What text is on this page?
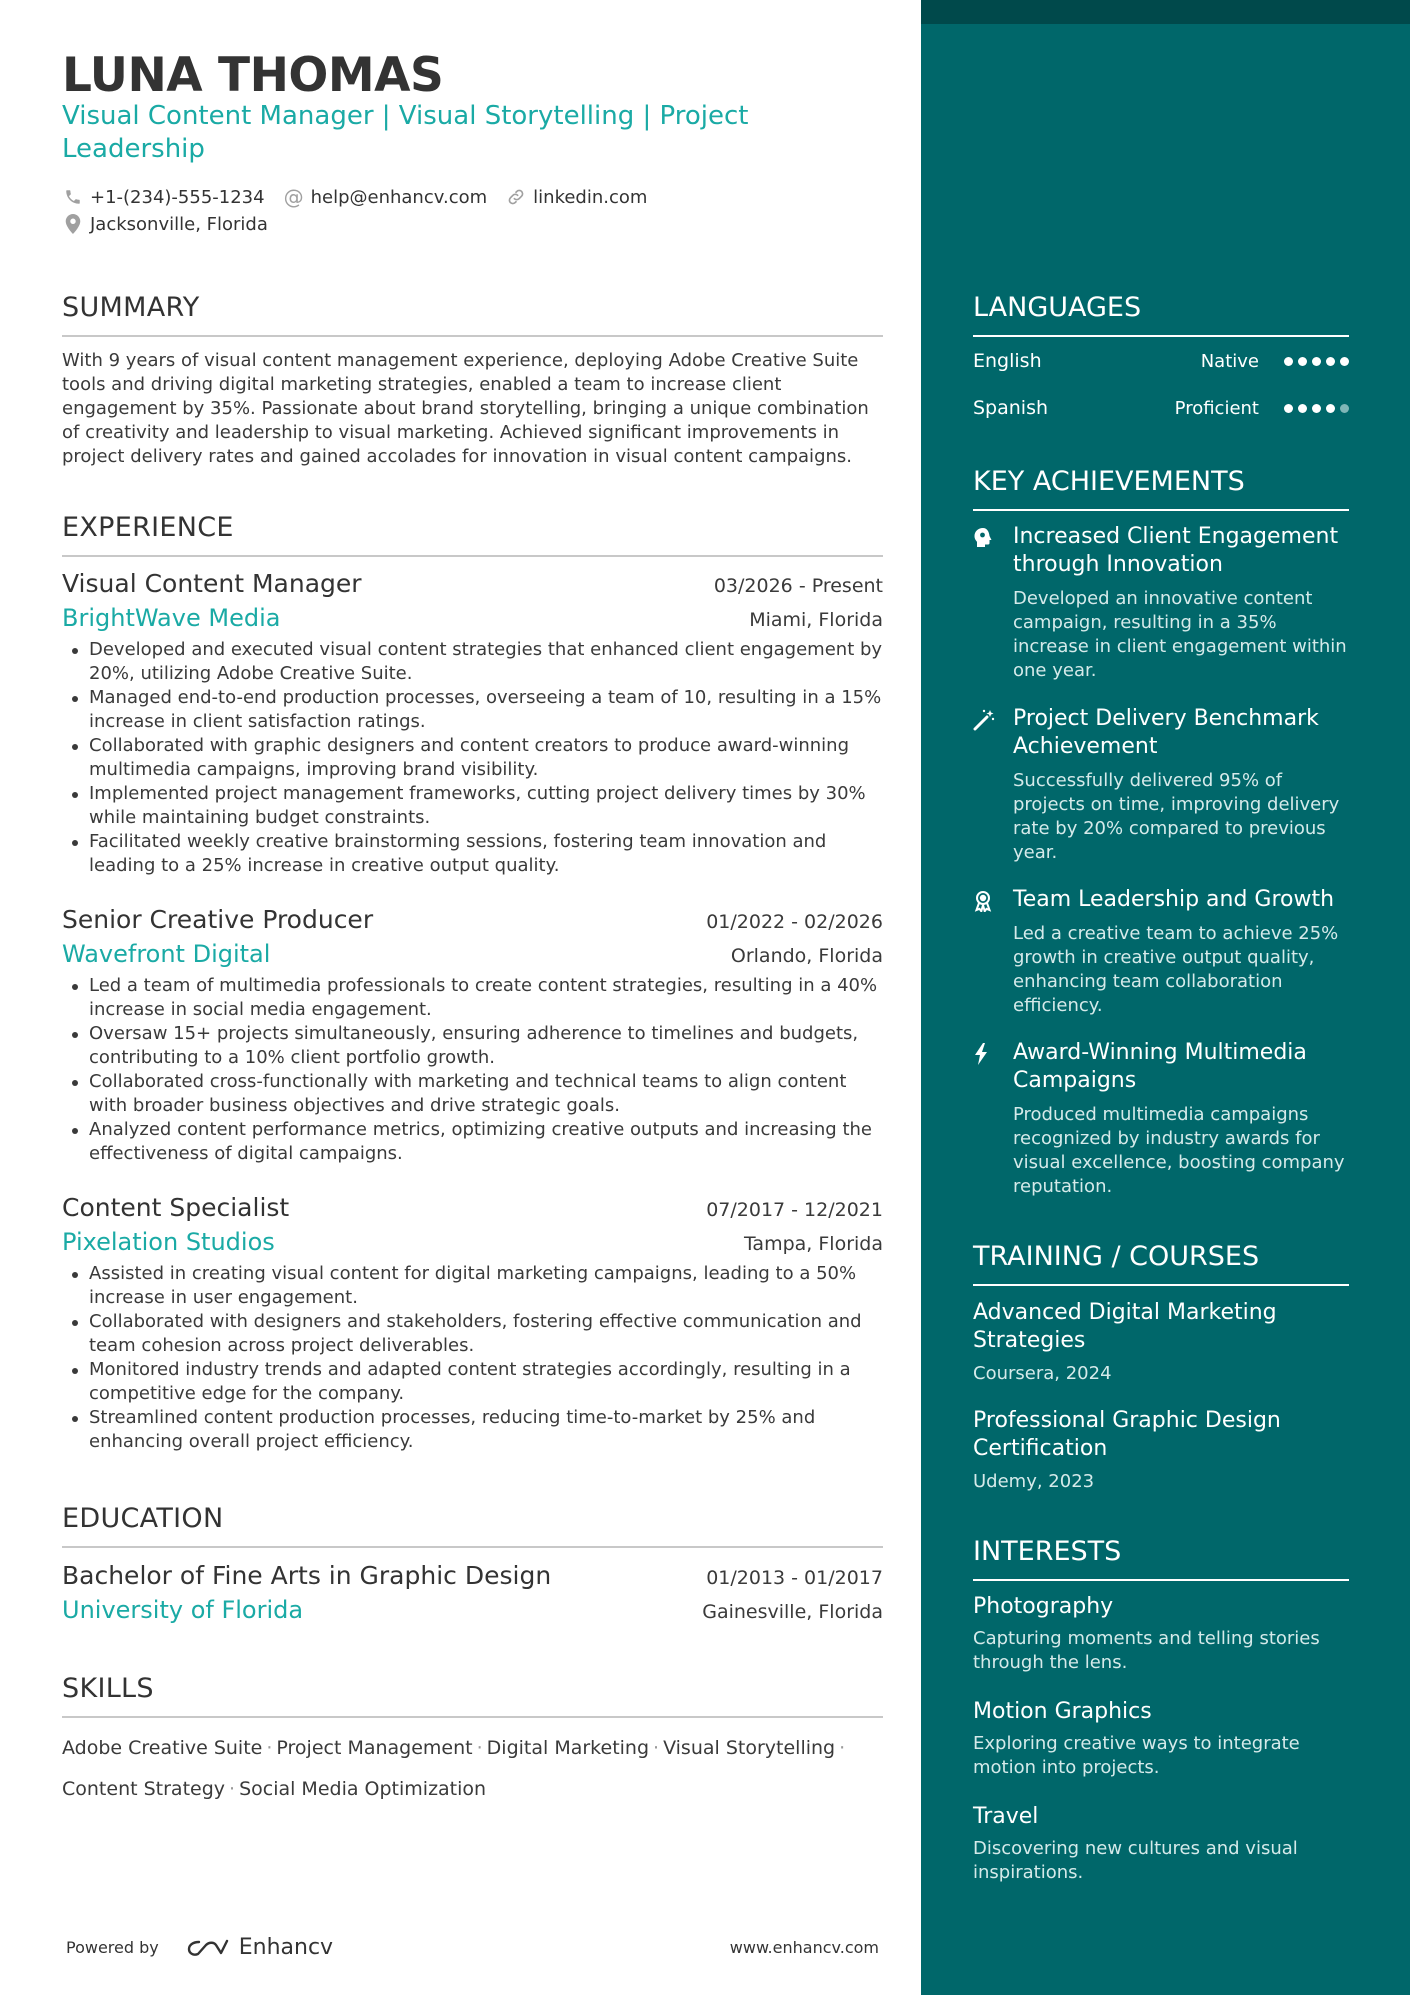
LUNA THOMAS
Visual Content Manager | Visual Storytelling | Project Leadership
+1-(234)-555-1234 @ help@enhancv.com	linkedin.com
Jacksonville, Florida
SUMMARY
With 9 years of visual content management experience, deploying Adobe Creative Suite tools and driving digital marketing strategies, enabled a team to increase client engagement by 35%. Passionate about brand storytelling, bringing a unique combination of creativity and leadership to visual marketing. Achieved significant improvements in project delivery rates and gained accolades for innovation in visual content campaigns.
EXPERIENCE
Visual Content Manager	03/2026 - Present
BrightWave Media	Miami, Florida
Developed and executed visual content strategies that enhanced client engagement by 20%, utilizing Adobe Creative Suite.
Managed end-to-end production processes, overseeing a team of 10, resulting in a 15% increase in client satisfaction ratings.
Collaborated with graphic designers and content creators to produce award-winning multimedia campaigns, improving brand visibility.
Implemented project management frameworks, cutting project delivery times by 30% while maintaining budget constraints.
Facilitated weekly creative brainstorming sessions, fostering team innovation and leading to a 25% increase in creative output quality.
Senior Creative Producer	01/2022 - 02/2026
Wavefront Digital	Orlando, Florida
Led a team of multimedia professionals to create content strategies, resulting in a 40% increase in social media engagement.
Oversaw 15+ projects simultaneously, ensuring adherence to timelines and budgets, contributing to a 10% client portfolio growth.
Collaborated cross-functionally with marketing and technical teams to align content with broader business objectives and drive strategic goals.
Analyzed content performance metrics, optimizing creative outputs and increasing the effectiveness of digital campaigns.
Content Specialist	07/2017 - 12/2021
Pixelation Studios	Tampa, Florida
Assisted in creating visual content for digital marketing campaigns, leading to a 50% increase in user engagement.
Collaborated with designers and stakeholders, fostering effective communication and team cohesion across project deliverables.
Monitored industry trends and adapted content strategies accordingly, resulting in a competitive edge for the company.
Streamlined content production processes, reducing time-to-market by 25% and enhancing overall project efficiency.
EDUCATION
Bachelor of Fine Arts in Graphic Design	01/2013 - 01/2017
University of Florida	Gainesville, Florida
SKILLS
Adobe Creative Suite · Project Management · Digital Marketing · Visual Storytelling ·
Content Strategy · Social Media Optimization
Powered by	Enhancv	www.enhancv.com
LANGUAGES
English	Native
Spanish	Proficient
KEY ACHIEVEMENTS
Increased Client Engagement through Innovation
Developed an innovative content campaign, resulting in a 35% increase in client engagement within one year.
Project Delivery Benchmark Achievement
Successfully delivered 95% of projects on time, improving delivery rate by 20% compared to previous year.
Team Leadership and Growth
Led a creative team to achieve 25% growth in creative output quality, enhancing team collaboration efficiency.
Award-Winning Multimedia Campaigns
Produced multimedia campaigns recognized by industry awards for visual excellence, boosting company reputation.
TRAINING / COURSES
Advanced Digital Marketing Strategies
Coursera, 2024
Professional Graphic Design Certification
Udemy, 2023
INTERESTS
Photography
Capturing moments and telling stories through the lens.
Motion Graphics
Exploring creative ways to integrate motion into projects.
Travel
Discovering new cultures and visual inspirations.
